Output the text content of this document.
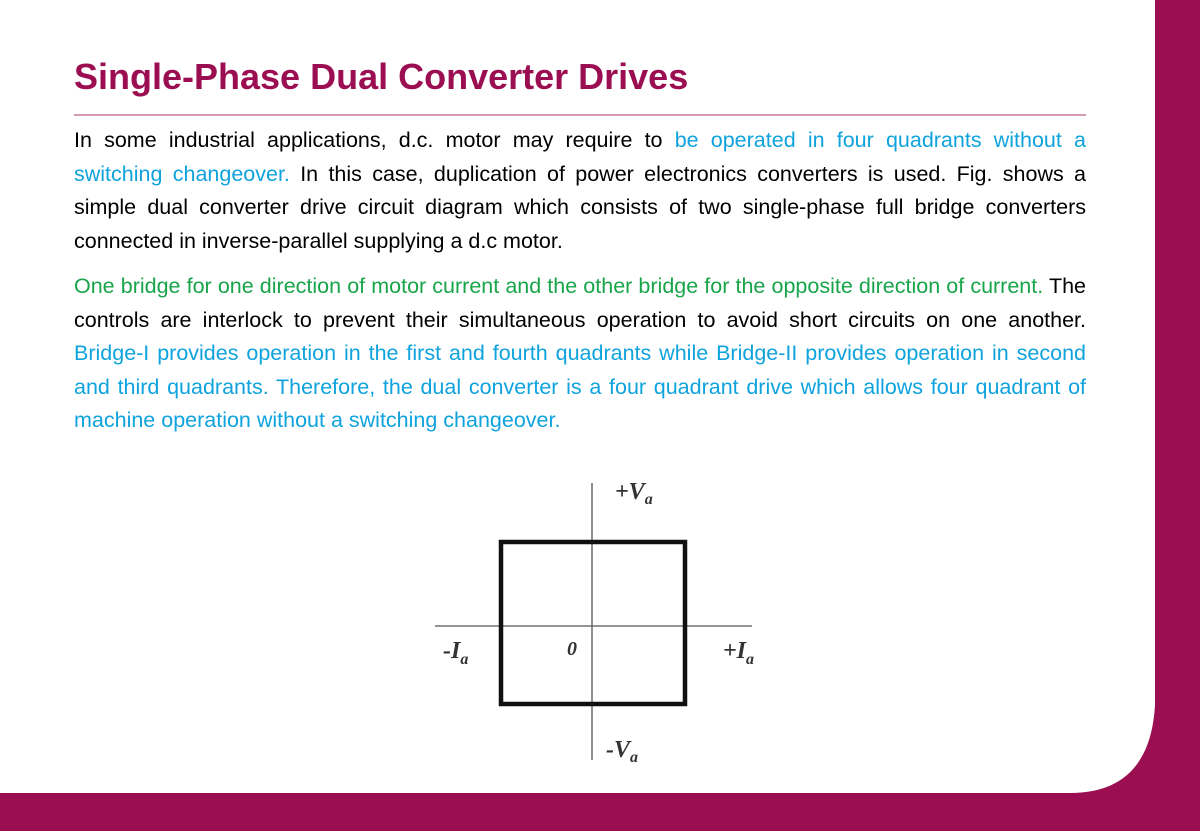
Single-Phase Dual Converter Drives

In some industrial applications, d.c. motor may require to be operated in four quadrants without a switching changeover. In this case, duplication of power electronics converters is used. Fig. shows a simple dual converter drive circuit diagram which consists of two single-phase full bridge converters connected in inverse-parallel supplying a d.c motor.

One bridge for one direction of motor current and the other bridge for the opposite direction of current. The controls are interlock to prevent their simultaneous operation to avoid short circuits on one another. Bridge-I provides operation in the first and fourth quadrants while Bridge-II provides operation in second and third quadrants. Therefore, the dual converter is a four quadrant drive which allows four quadrant of machine operation without a switching changeover.

$+V_a$
$-V_a$
$-I_a$	$+I_a$
0
